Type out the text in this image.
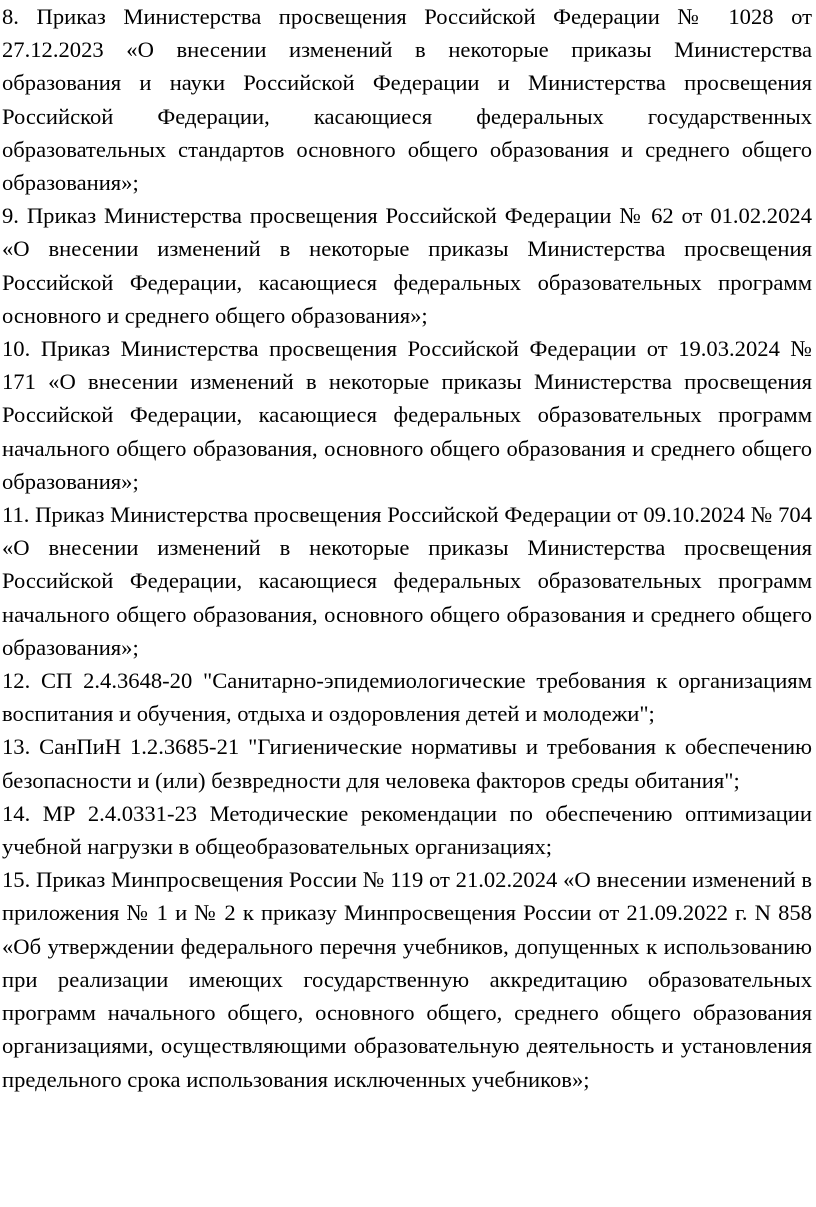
8. Приказ Министерства просвещения Российской Федерации № 1028 от 27.12.2023 «О внесении изменений в некоторые приказы Министерства образования и науки Российской Федерации и Министерства просвещения Российской Федерации, касающиеся федеральных государственных образовательных стандартов основного общего образования и среднего общего образования»;

9. Приказ Министерства просвещения Российской Федерации № 62 от 01.02.2024 «О внесении изменений в некоторые приказы Министерства просвещения Российской Федерации, касающиеся федеральных образовательных программ основного и среднего общего образования»;

10. Приказ Министерства просвещения Российской Федерации от 19.03.2024 № 171 «О внесении изменений в некоторые приказы Министерства просвещения Российской Федерации, касающиеся федеральных образовательных программ начального общего образования, основного общего образования и среднего общего образования»;

11. Приказ Министерства просвещения Российской Федерации от 09.10.2024 № 704 «О внесении изменений в некоторые приказы Министерства просвещения Российской Федерации, касающиеся федеральных образовательных программ начального общего образования, основного общего образования и среднего общего образования»;

12. СП 2.4.3648-20 "Санитарно-эпидемиологические требования к организациям воспитания и обучения, отдыха и оздоровления детей и молодежи";

13. СанПиН 1.2.3685-21 "Гигиенические нормативы и требования к обеспечению безопасности и (или) безвредности для человека факторов среды обитания";

14. МР 2.4.0331-23 Методические рекомендации по обеспечению оптимизации учебной нагрузки в общеобразовательных организациях;

15. Приказ Минпросвещения России № 119 от 21.02.2024 «О внесении изменений в приложения № 1 и № 2 к приказу Минпросвещения России от 21.09.2022 г. N 858 «Об утверждении федерального перечня учебников, допущенных к использованию при реализации имеющих государственную аккредитацию образовательных программ начального общего, основного общего, среднего общего образования организациями, осуществляющими образовательную деятельность и установления предельного срока использования исключенных учебников»;
